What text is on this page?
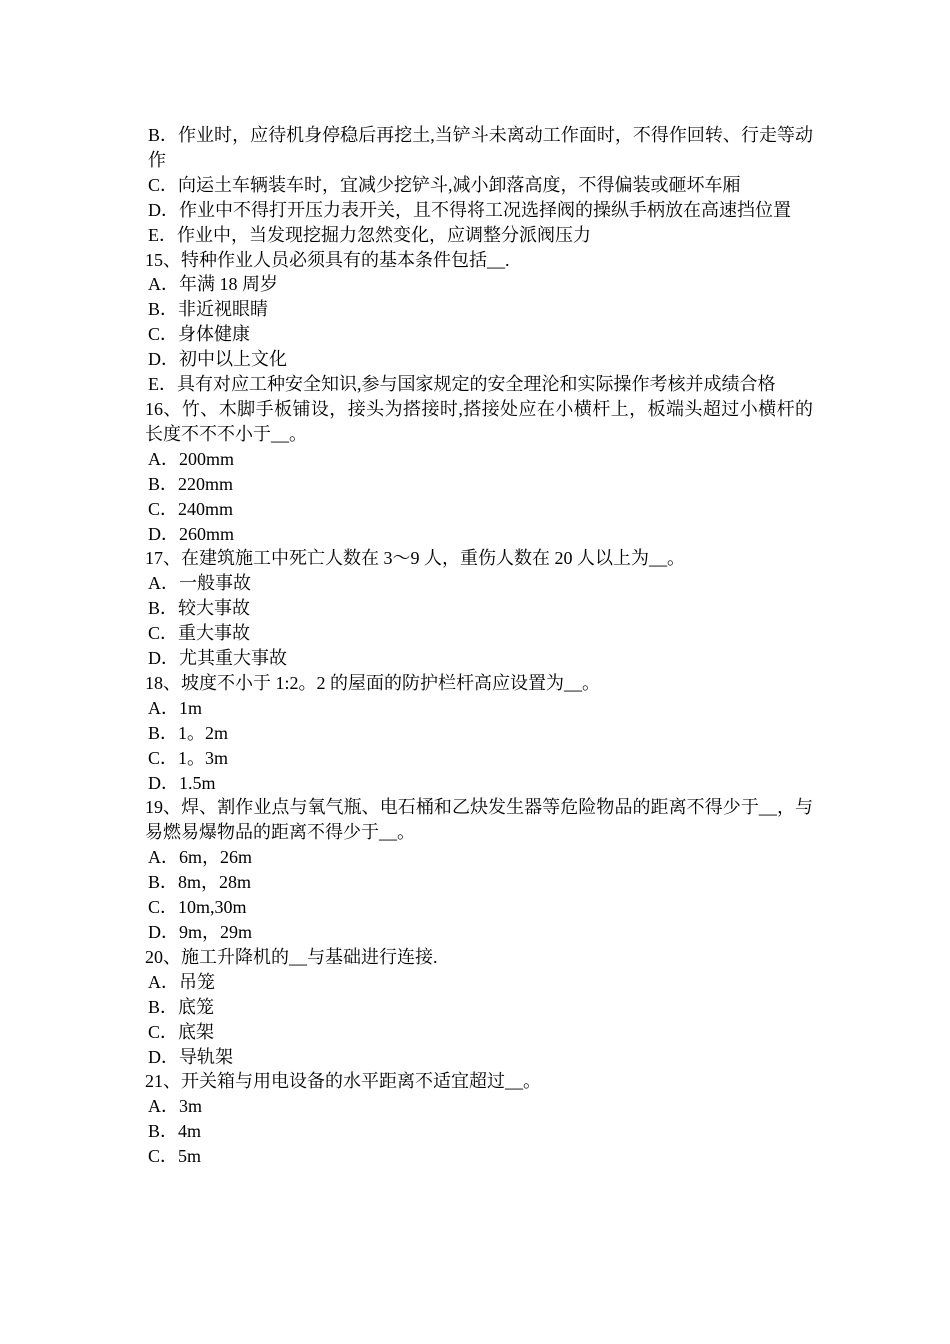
B．作业时，应待机身停稳后再挖土,当铲斗未离动工作面时，不得作回转、行走等动作

C．向运土车辆装车时，宜减少挖铲斗,减小卸落高度，不得偏装或砸坏车厢

D．作业中不得打开压力表开关，且不得将工况选择阀的操纵手柄放在高速挡位置

E．作业中，当发现挖掘力忽然变化，应调整分派阀压力

15、特种作业人员必须具有的基本条件包括__.

A．年满 18 周岁

B．非近视眼睛

C．身体健康

D．初中以上文化

E．具有对应工种安全知识,参与国家规定的安全理沦和实际操作考核并成绩合格

16、竹、木脚手板铺设，接头为搭接时,搭接处应在小横杆上，板端头超过小横杆的长度不不不小于__。

A．200mm

B．220mm

C．240mm

D．260mm

17、在建筑施工中死亡人数在 3～9 人，重伤人数在 20 人以上为__。

A．一般事故

B．较大事故

C．重大事故

D．尤其重大事故

18、坡度不小于 1:2。2 的屋面的防护栏杆高应设置为__。

A．1m

B．1。2m

C．1。3m

D．1.5m

19、焊、割作业点与氧气瓶、电石桶和乙炔发生器等危险物品的距离不得少于__，与易燃易爆物品的距离不得少于__。

A．6m，26m

B．8m，28m

C．10m,30m

D．9m，29m

20、施工升降机的__与基础进行连接.

A．吊笼

B．底笼

C．底架

D．导轨架

21、开关箱与用电设备的水平距离不适宜超过__。

A．3m

B．4m

C．5m
